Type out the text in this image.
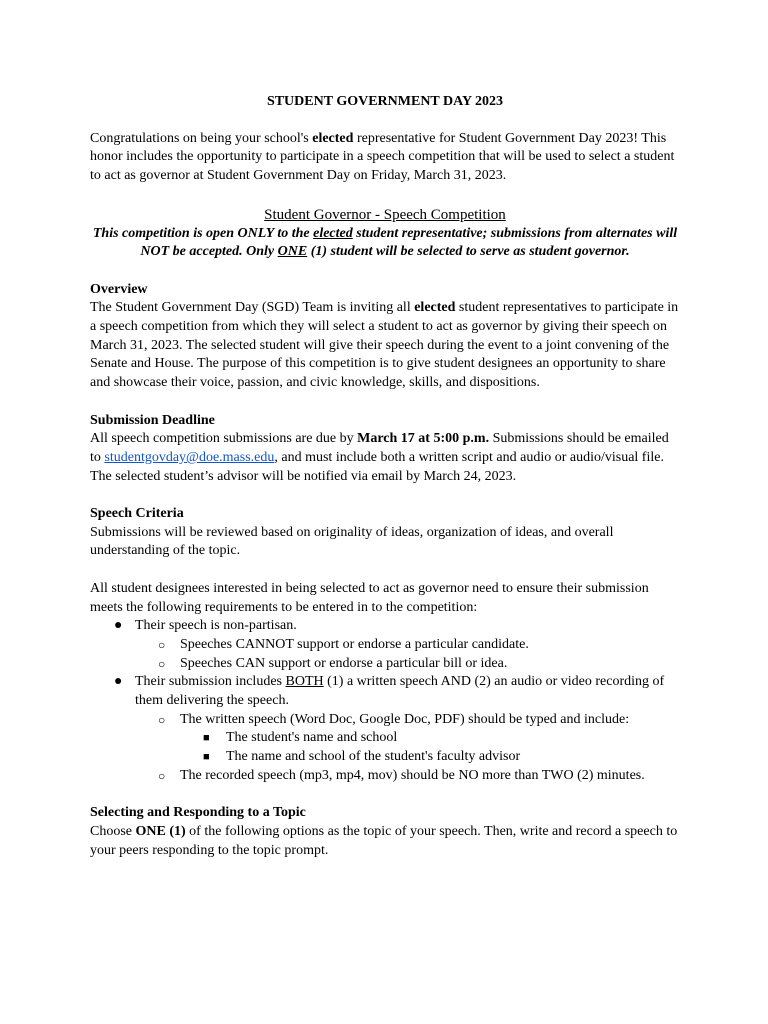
STUDENT GOVERNMENT DAY 2023

Congratulations on being your school's elected representative for Student Government Day 2023! This honor includes the opportunity to participate in a speech competition that will be used to select a student to act as governor at Student Government Day on Friday, March 31, 2023.

Student Governor - Speech Competition

This competition is open ONLY to the elected student representative; submissions from alternates will NOT be accepted. Only ONE (1) student will be selected to serve as student governor.

Overview

The Student Government Day (SGD) Team is inviting all elected student representatives to participate in a speech competition from which they will select a student to act as governor by giving their speech on March 31, 2023. The selected student will give their speech during the event to a joint convening of the Senate and House. The purpose of this competition is to give student designees an opportunity to share and showcase their voice, passion, and civic knowledge, skills, and dispositions.

Submission Deadline

All speech competition submissions are due by March 17 at 5:00 p.m. Submissions should be emailed to studentgovday@doe.mass.edu, and must include both a written script and audio or audio/visual file. The selected student’s advisor will be notified via email by March 24, 2023.

Speech Criteria

Submissions will be reviewed based on originality of ideas, organization of ideas, and overall understanding of the topic.

All student designees interested in being selected to act as governor need to ensure their submission meets the following requirements to be entered in to the competition:

● Their speech is non-partisan.
○ Speeches CANNOT support or endorse a particular candidate.
○ Speeches CAN support or endorse a particular bill or idea.
● Their submission includes BOTH (1) a written speech AND (2) an audio or video recording of them delivering the speech.
○ The written speech (Word Doc, Google Doc, PDF) should be typed and include:
■ The student's name and school
■ The name and school of the student's faculty advisor
○ The recorded speech (mp3, mp4, mov) should be NO more than TWO (2) minutes.

Selecting and Responding to a Topic

Choose ONE (1) of the following options as the topic of your speech. Then, write and record a speech to your peers responding to the topic prompt.
